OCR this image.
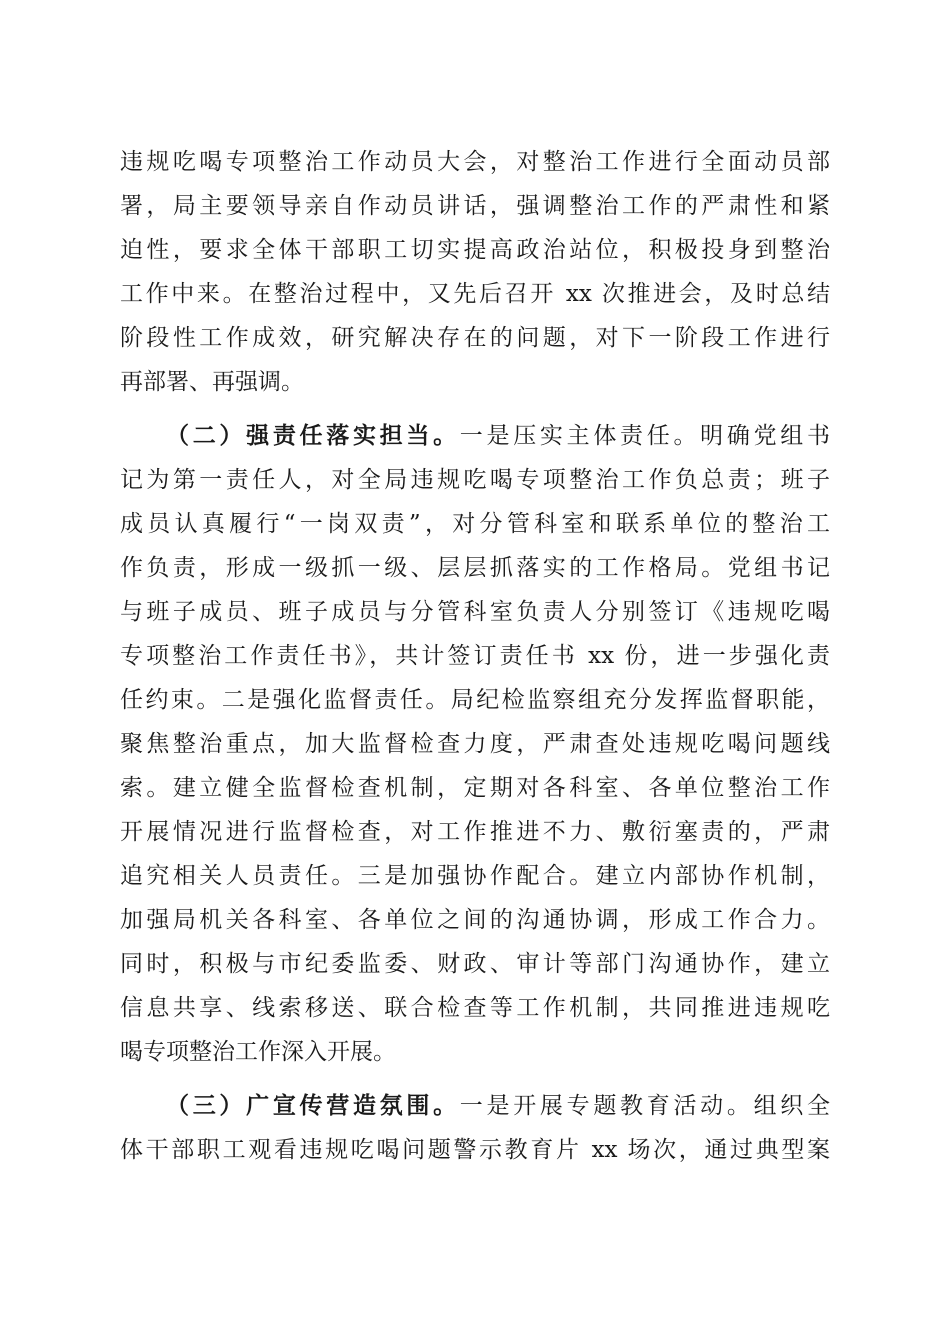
违规吃喝专项整治工作动员大会，对整治工作进行全面动员部
署，局主要领导亲自作动员讲话，强调整治工作的严肃性和紧
迫性，要求全体干部职工切实提高政治站位，积极投身到整治
工作中来。在整治过程中，又先后召开 xx 次推进会，及时总结
阶段性工作成效，研究解决存在的问题，对下一阶段工作进行
再部署、再强调。
（二）强责任落实担当。一是压实主体责任。明确党组书
记为第一责任人，对全局违规吃喝专项整治工作负总责；班子
成员认真履行“一岗双责”，对分管科室和联系单位的整治工
作负责，形成一级抓一级、层层抓落实的工作格局。党组书记
与班子成员、班子成员与分管科室负责人分别签订《违规吃喝
专项整治工作责任书》，共计签订责任书 xx 份，进一步强化责
任约束。二是强化监督责任。局纪检监察组充分发挥监督职能，
聚焦整治重点，加大监督检查力度，严肃查处违规吃喝问题线
索。建立健全监督检查机制，定期对各科室、各单位整治工作
开展情况进行监督检查，对工作推进不力、敷衍塞责的，严肃
追究相关人员责任。三是加强协作配合。建立内部协作机制，
加强局机关各科室、各单位之间的沟通协调，形成工作合力。
同时，积极与市纪委监委、财政、审计等部门沟通协作，建立
信息共享、线索移送、联合检查等工作机制，共同推进违规吃
喝专项整治工作深入开展。
（三）广宣传营造氛围。一是开展专题教育活动。组织全
体干部职工观看违规吃喝问题警示教育片 xx 场次，通过典型案
